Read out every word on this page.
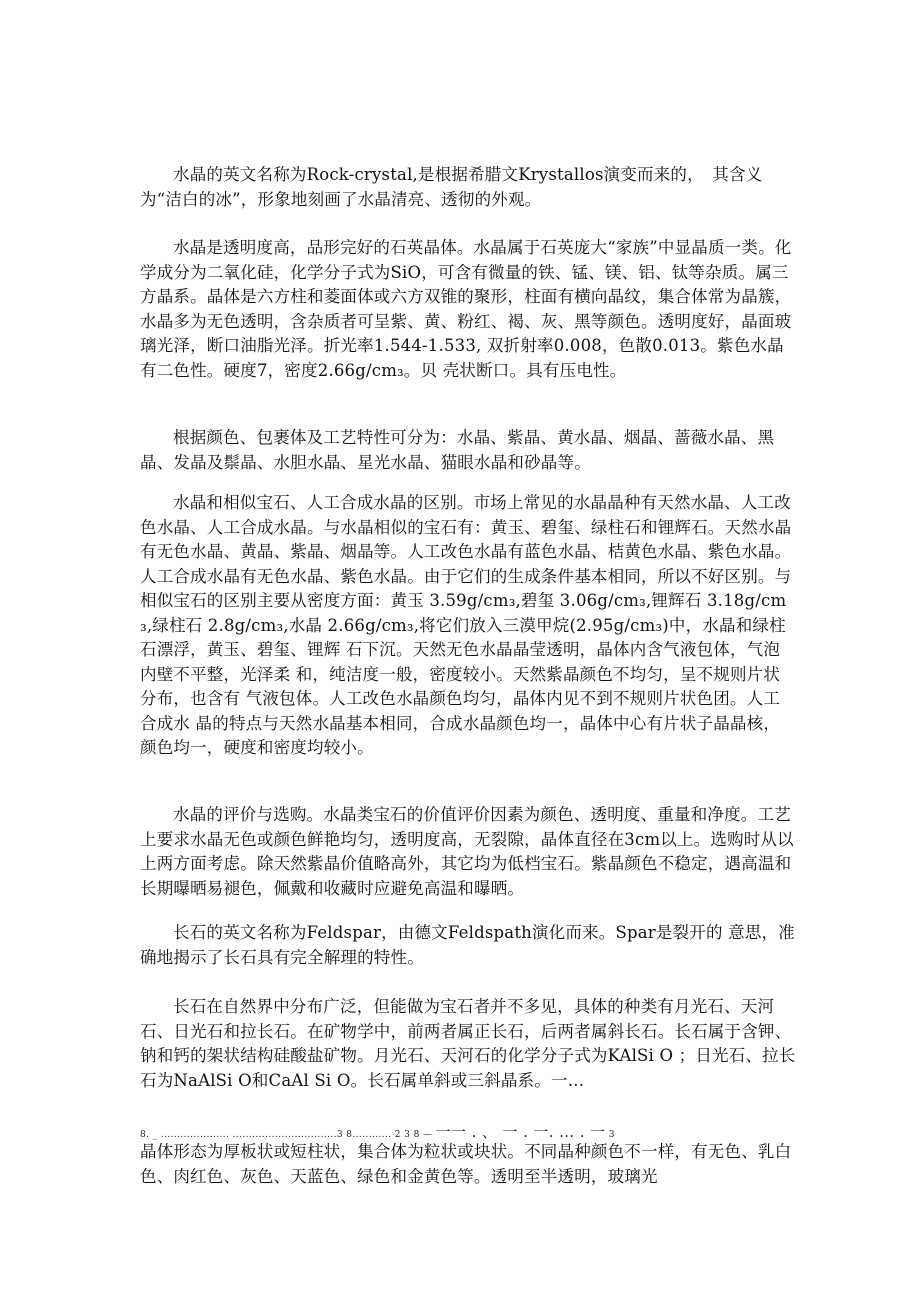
水晶的英文名称为Rock-crystal,是根据希腊文Krystallos演变而来的，　其含义为“洁白的冰”，形象地刻画了水晶清亮、透彻的外观。

水晶是透明度高，品形完好的石英晶体。水晶属于石英庞大“家族”中显晶质一类。化学成分为二氧化硅，化学分子式为SiO，可含有微量的铁、锰、镁、铝、钛等杂质。属三方晶系。晶体是六方柱和菱面体或六方双锥的聚形，柱面有横向晶纹，集合体常为晶簇，水晶多为无色透明，含杂质者可呈紫、黄、粉红、褐、灰、黑等颜色。透明度好，晶面玻璃光泽，断口油脂光泽。折光率1.544-1.533, 双折射率0.008，色散0.013。紫色水晶有二色性。硬度7，密度2.66g/cm₃。贝 壳状断口。具有压电性。

根据颜色、包裹体及工艺特性可分为：水晶、紫晶、黄水晶、烟晶、蔷薇水晶、黑晶、发晶及鬃晶、水胆水晶、星光水晶、猫眼水晶和砂晶等。

水晶和相似宝石、人工合成水晶的区别。市场上常见的水晶晶种有天然水晶、人工改色水晶、人工合成水晶。与水晶相似的宝石有：黄玉、碧玺、绿柱石和锂辉石。天然水晶有无色水晶、黄晶、紫晶、烟晶等。人工改色水晶有蓝色水晶、桔黄色水晶、紫色水晶。人工合成水晶有无色水晶、紫色水晶。由于它们的生成条件基本相同，所以不好区别。与相似宝石的区别主要从密度方面：黄玉 3.59g/cm₃,碧玺 3.06g/cm₃,锂辉石 3.18g/cm₃,绿柱石 2.8g/cm₃,水晶 2.66g/cm₃,将它们放入三漠甲烷(2.95g/cm₃)中，水晶和绿柱石漂浮，黄玉、碧玺、锂辉 石下沉。天然无色水晶晶莹透明，晶体内含气液包体，气泡内壁不平整，光泽柔 和，纯洁度一般，密度较小。天然紫晶颜色不均匀，呈不规则片状分布，也含有 气液包体。人工改色水晶颜色均匀，晶体内见不到不规则片状色团。人工合成水 晶的特点与天然水晶基本相同，合成水晶颜色均一，晶体中心有片状子晶晶核，　颜色均一，硬度和密度均较小。

水晶的评价与选购。水晶类宝石的价值评价因素为颜色、透明度、重量和净度。工艺上要求水晶无色或颜色鲜艳均匀，透明度高，无裂隙，晶体直径在3cm以上。选购时从以上两方面考虑。除天然紫晶价值略高外，其它均为低档宝石。紫晶颜色不稳定，遇高温和长期曝晒易褪色，佩戴和收藏时应避免高温和曝晒。

长石的英文名称为Feldspar，由德文Feldspath演化而来。Spar是裂开的 意思，准确地揭示了长石具有完全解理的特性。

长石在自然界中分布广泛，但能做为宝石者并不多见，具体的种类有月光石、天河石、日光石和拉长石。在矿物学中，前两者属正长石，后两者属斜长石。长石属于含钾、钠和钙的架状结构硅酸盐矿物。月光石、天河石的化学分子式为KAlSi O ；日光石、拉长石为NaAlSi O和CaAl Si O。长石属单斜或三斜晶系。一…

8. _ ..................... ................................3 8............ 2 3 8 — 一一 . 、 一 . 一. … . 一 3

晶体形态为厚板状或短柱状，集合体为粒状或块状。不同晶种颜色不一样，有无色、乳白色、肉红色、灰色、天蓝色、绿色和金黄色等。透明至半透明，玻璃光
